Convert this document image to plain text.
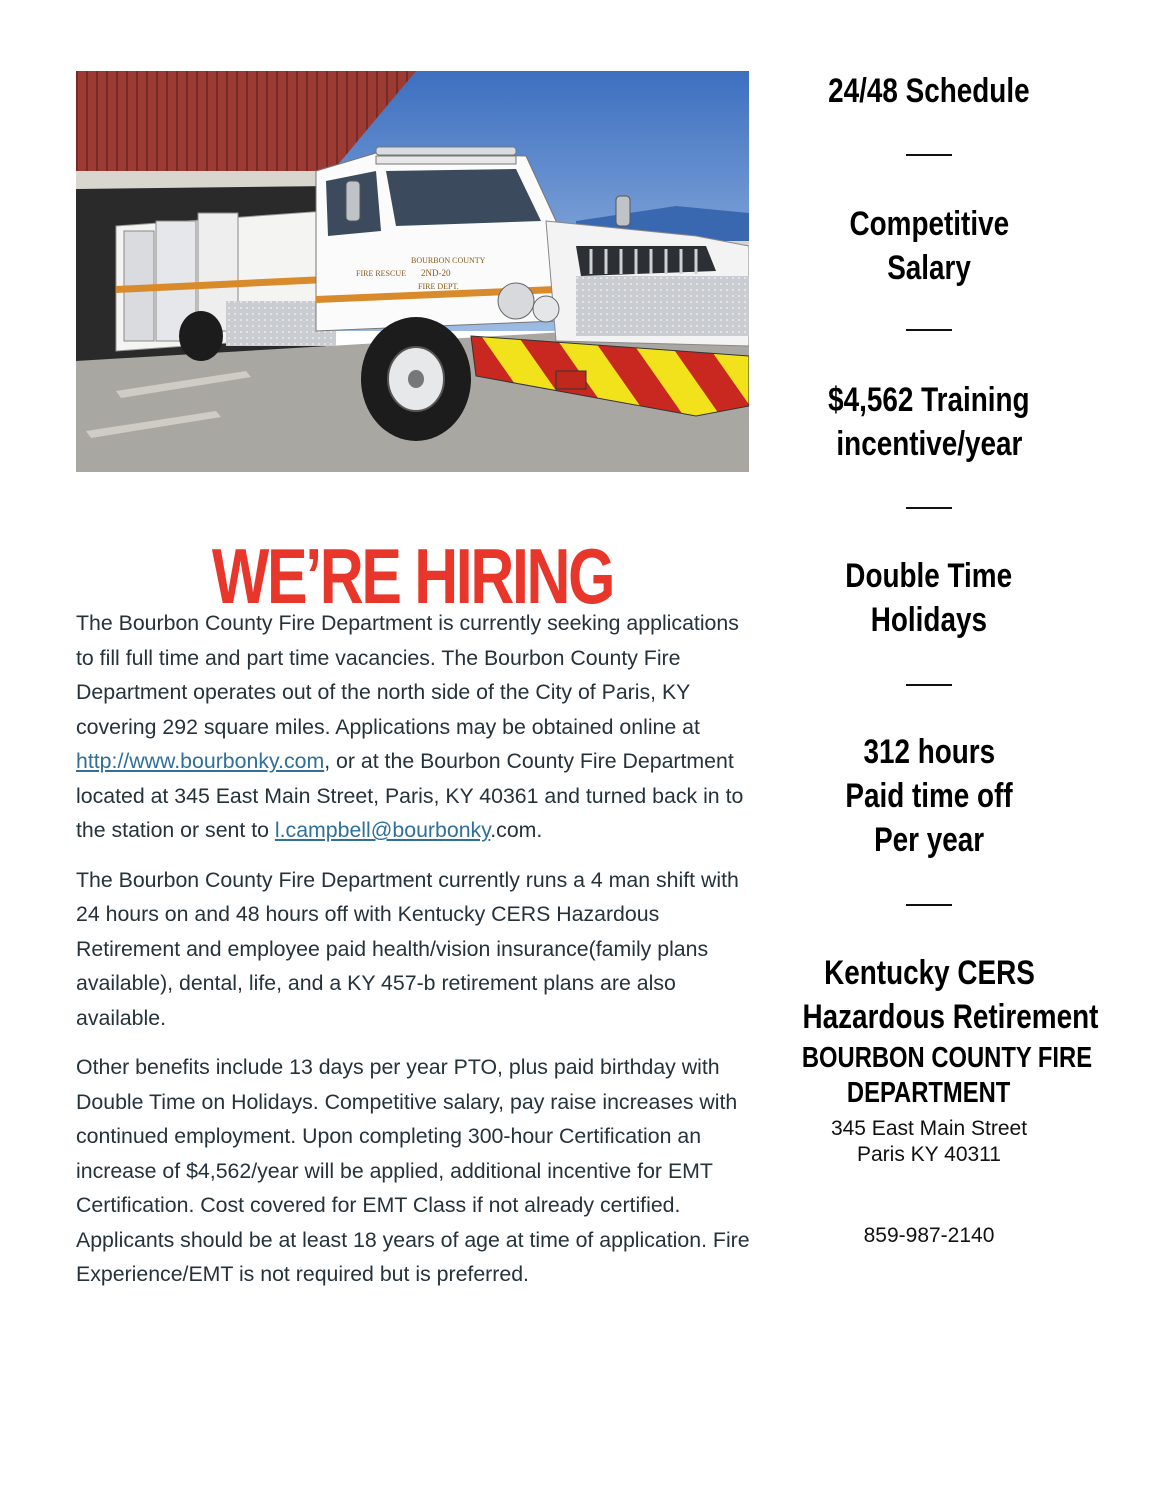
FIRE RESCUE
BOURBON COUNTY
2ND-20
FIRE DEPT.
WE’RE HIRING

The Bourbon County Fire Department is currently seeking applications to fill full time and part time vacancies. The Bourbon County Fire Department operates out of the north side of the City of Paris, KY covering 292 square miles. Applications may be obtained online at http://www.bourbonky.com, or at the Bourbon County Fire Department located at 345 East Main Street, Paris, KY 40361 and turned back in to the station or sent to l.campbell@bourbonky.com.

The Bourbon County Fire Department currently runs a 4 man shift with 24 hours on and 48 hours off with Kentucky CERS Hazardous Retirement and employee paid health/vision insurance(family plans available), dental, life, and a KY 457-b retirement plans are also available.

Other benefits include 13 days per year PTO, plus paid birthday with Double Time on Holidays. Competitive salary, pay raise increases with continued employment. Upon completing 300-hour Certification an increase of $4,562/year will be applied, additional incentive for EMT Certification. Cost covered for EMT Class if not already certified. Applicants should be at least 18 years of age at time of application. Fire Experience/EMT is not required but is preferred.

24/48 Schedule
Competitive
Salary
$4,562 Training
incentive/year
Double Time
Holidays
312 hours
Paid time off
Per year
Kentucky CERS
Hazardous Retirement
BOURBON COUNTY FIRE
DEPARTMENT
345 East Main Street
Paris KY 40311
859-987-2140
